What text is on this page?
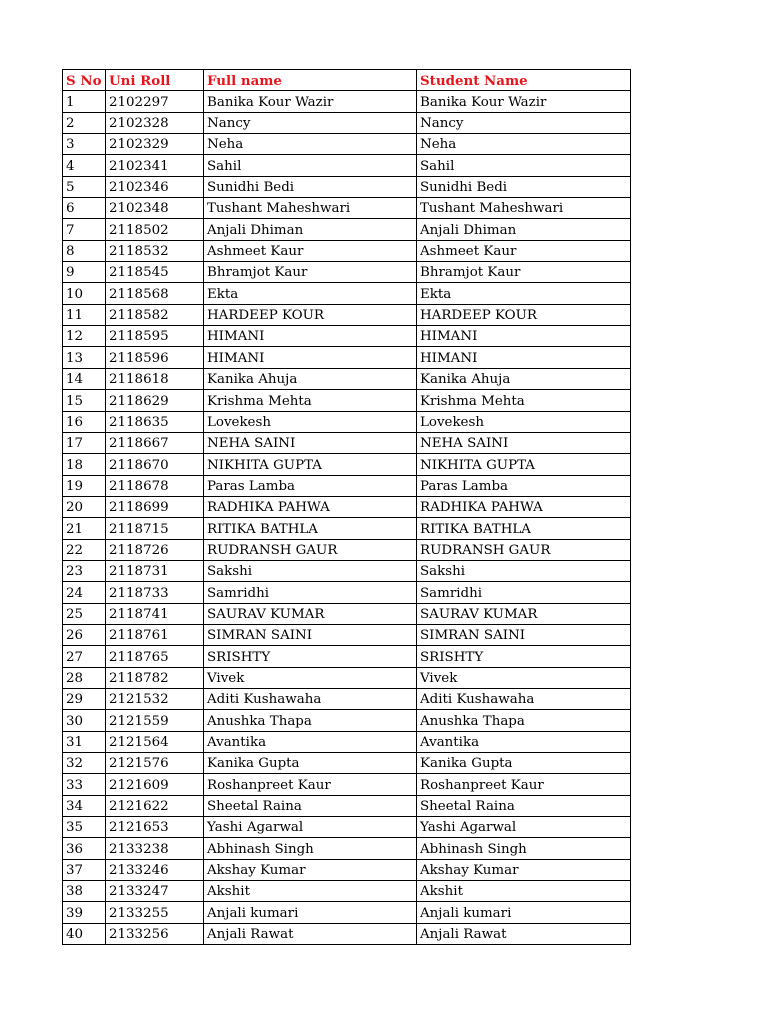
S No	Uni Roll	Full name	Student Name
1	2102297	Banika Kour Wazir	Banika Kour Wazir
2	2102328	Nancy	Nancy
3	2102329	Neha	Neha
4	2102341	Sahil	Sahil
5	2102346	Sunidhi Bedi	Sunidhi Bedi
6	2102348	Tushant Maheshwari	Tushant Maheshwari
7	2118502	Anjali Dhiman	Anjali Dhiman
8	2118532	Ashmeet Kaur	Ashmeet Kaur
9	2118545	Bhramjot Kaur	Bhramjot Kaur
10	2118568	Ekta	Ekta
11	2118582	HARDEEP KOUR	HARDEEP KOUR
12	2118595	HIMANI	HIMANI
13	2118596	HIMANI	HIMANI
14	2118618	Kanika Ahuja	Kanika Ahuja
15	2118629	Krishma Mehta	Krishma Mehta
16	2118635	Lovekesh	Lovekesh
17	2118667	NEHA SAINI	NEHA SAINI
18	2118670	NIKHITA GUPTA	NIKHITA GUPTA
19	2118678	Paras Lamba	Paras Lamba
20	2118699	RADHIKA PAHWA	RADHIKA PAHWA
21	2118715	RITIKA BATHLA	RITIKA BATHLA
22	2118726	RUDRANSH GAUR	RUDRANSH GAUR
23	2118731	Sakshi	Sakshi
24	2118733	Samridhi	Samridhi
25	2118741	SAURAV KUMAR	SAURAV KUMAR
26	2118761	SIMRAN SAINI	SIMRAN SAINI
27	2118765	SRISHTY	SRISHTY
28	2118782	Vivek	Vivek
29	2121532	Aditi Kushawaha	Aditi Kushawaha
30	2121559	Anushka Thapa	Anushka Thapa
31	2121564	Avantika	Avantika
32	2121576	Kanika Gupta	Kanika Gupta
33	2121609	Roshanpreet Kaur	Roshanpreet Kaur
34	2121622	Sheetal Raina	Sheetal Raina
35	2121653	Yashi Agarwal	Yashi Agarwal
36	2133238	Abhinash Singh	Abhinash Singh
37	2133246	Akshay Kumar	Akshay Kumar
38	2133247	Akshit	Akshit
39	2133255	Anjali kumari	Anjali kumari
40	2133256	Anjali Rawat	Anjali Rawat
